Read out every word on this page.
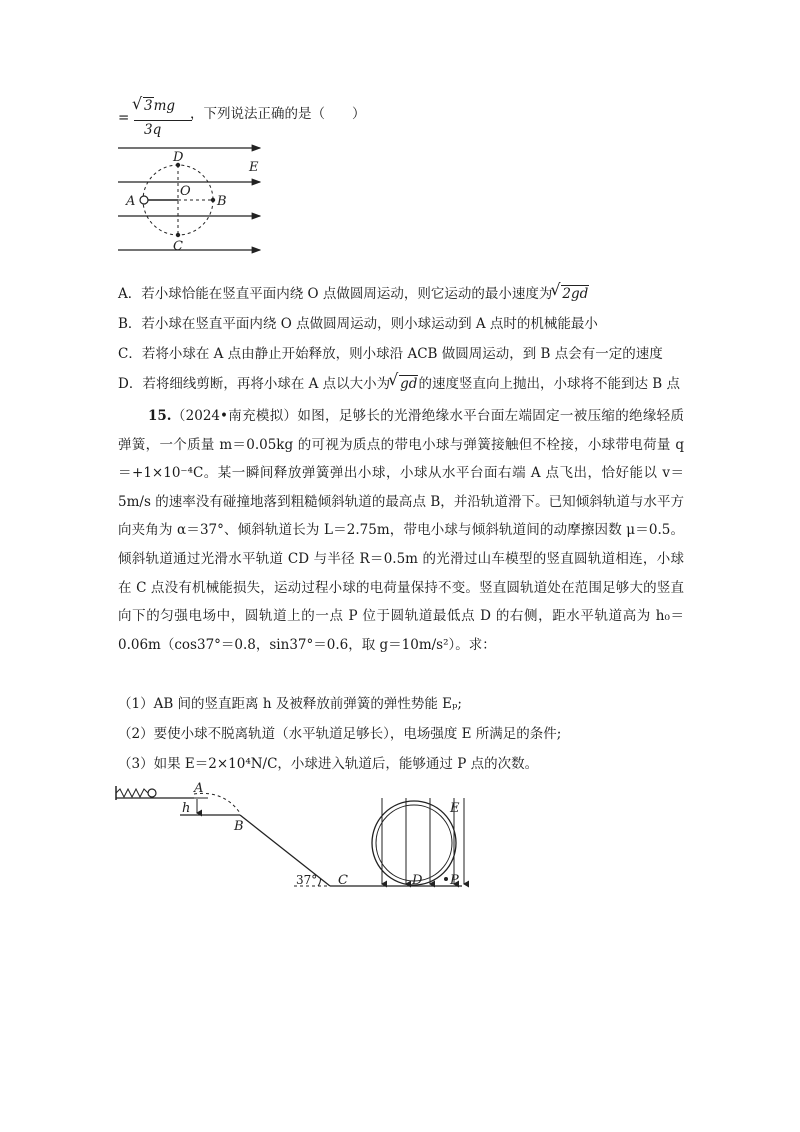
=
√ 3mg
3q
，下列说法正确的是（　　）
D
E
O
A	B
C
A．若小球恰能在竖直平面内绕 O 点做圆周运动，则它运动的最小速度为 √ 2gd
B．若小球在竖直平面内绕 O 点做圆周运动，则小球运动到 A 点时的机械能最小
C．若将小球在 A 点由静止开始释放，则小球沿 ACB 做圆周运动，到 B 点会有一定的速度
D．若将细线剪断，再将小球在 A 点以大小为 √ gd的速度竖直向上抛出，小球将不能到达 B 点
15.（2024•南充模拟）如图，足够长的光滑绝缘水平台面左端固定一被压缩的绝缘轻质弹簧，一个质量 m＝0.05kg 的可视为质点的带电小球与弹簧接触但不栓接，小球带电荷量 q＝+1×10⁻⁴C。某一瞬间释放弹簧弹出小球，小球从水平台面右端 A 点飞出，恰好能以 v＝5m/s 的速率没有碰撞地落到粗糙倾斜轨道的最高点 B，并沿轨道滑下。已知倾斜轨道与水平方向夹角为 α＝37°、倾斜轨道长为 L＝2.75m，带电小球与倾斜轨道间的动摩擦因数 μ＝0.5。倾斜轨道通过光滑水平轨道 CD 与半径 R＝0.5m 的光滑过山车模型的竖直圆轨道相连，小球在 C 点没有机械能损失，运动过程小球的电荷量保持不变。竖直圆轨道处在范围足够大的竖直向下的匀强电场中，圆轨道上的一点 P 位于圆轨道最低点 D 的右侧，距水平轨道高为 h₀＝0.06m（cos37°＝0.8，sin37°＝0.6，取 g＝10m/s²）。求：
（1）AB 间的竖直距离 h 及被释放前弹簧的弹性势能 Eₚ;
（2）要使小球不脱离轨道（水平轨道足够长），电场强度 E 所满足的条件;
（3）如果 E＝2×10⁴N/C，小球进入轨道后，能够通过 P 点的次数。
A
h
B
37° C
E
D P
